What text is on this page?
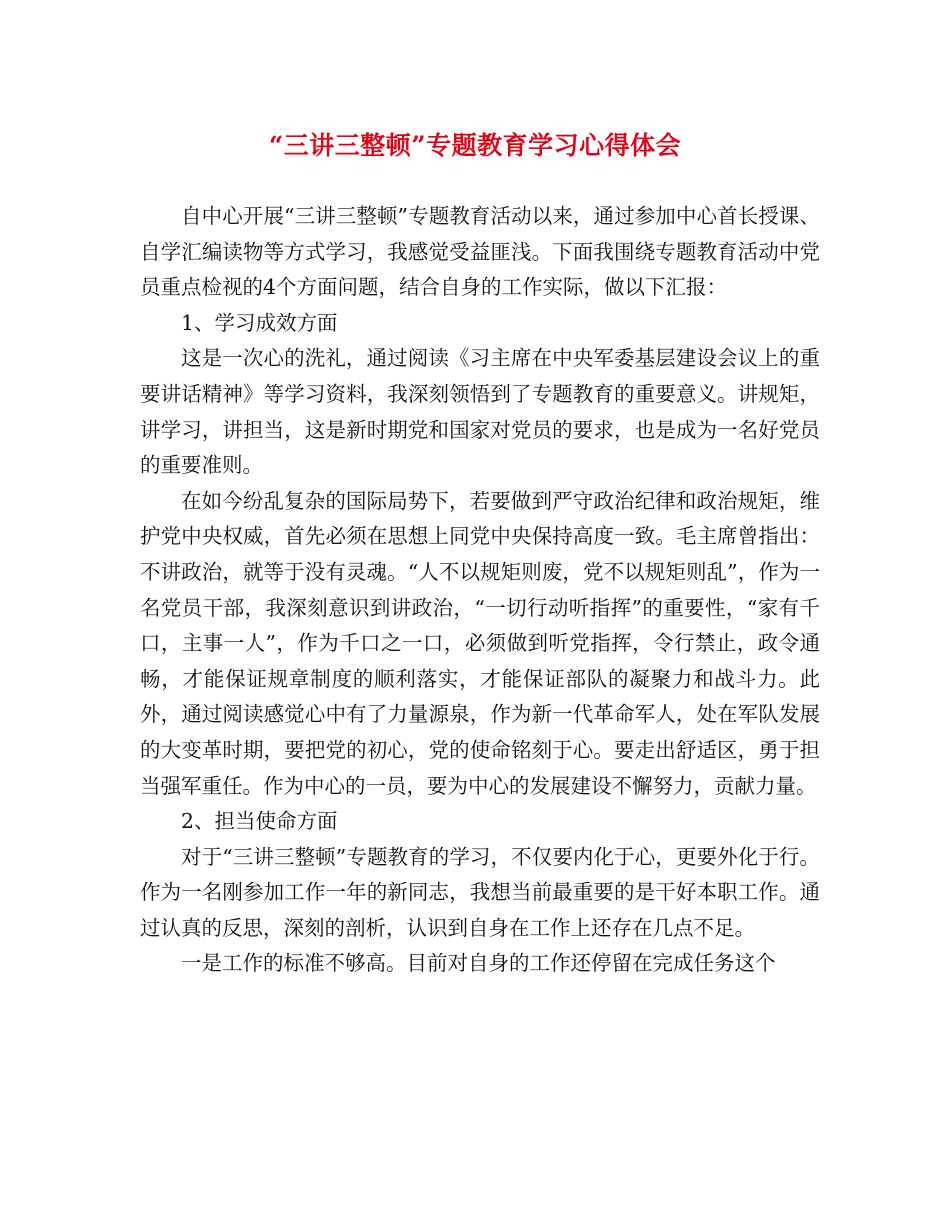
“三讲三整顿”专题教育学习心得体会

自中心开展“三讲三整顿”专题教育活动以来，通过参加中心首长授课、自学汇编读物等方式学习，我感觉受益匪浅。下面我围绕专题教育活动中党员重点检视的4个方面问题，结合自身的工作实际，做以下汇报：

1、学习成效方面

这是一次心的洗礼，通过阅读《习主席在中央军委基层建设会议上的重要讲话精神》等学习资料，我深刻领悟到了专题教育的重要意义。讲规矩，讲学习，讲担当，这是新时期党和国家对党员的要求，也是成为一名好党员的重要准则。

在如今纷乱复杂的国际局势下，若要做到严守政治纪律和政治规矩，维护党中央权威，首先必须在思想上同党中央保持高度一致。毛主席曾指出：不讲政治，就等于没有灵魂。“人不以规矩则废，党不以规矩则乱”，作为一名党员干部，我深刻意识到讲政治，“一切行动听指挥”的重要性，“家有千口，主事一人”，作为千口之一口，必须做到听党指挥，令行禁止，政令通畅，才能保证规章制度的顺利落实，才能保证部队的凝聚力和战斗力。此外，通过阅读感觉心中有了力量源泉，作为新一代革命军人，处在军队发展的大变革时期，要把党的初心，党的使命铭刻于心。要走出舒适区，勇于担当强军重任。作为中心的一员，要为中心的发展建设不懈努力，贡献力量。

2、担当使命方面

对于“三讲三整顿”专题教育的学习，不仅要内化于心，更要外化于行。作为一名刚参加工作一年的新同志，我想当前最重要的是干好本职工作。通过认真的反思，深刻的剖析，认识到自身在工作上还存在几点不足。

一是工作的标准不够高。目前对自身的工作还停留在完成任务这个
